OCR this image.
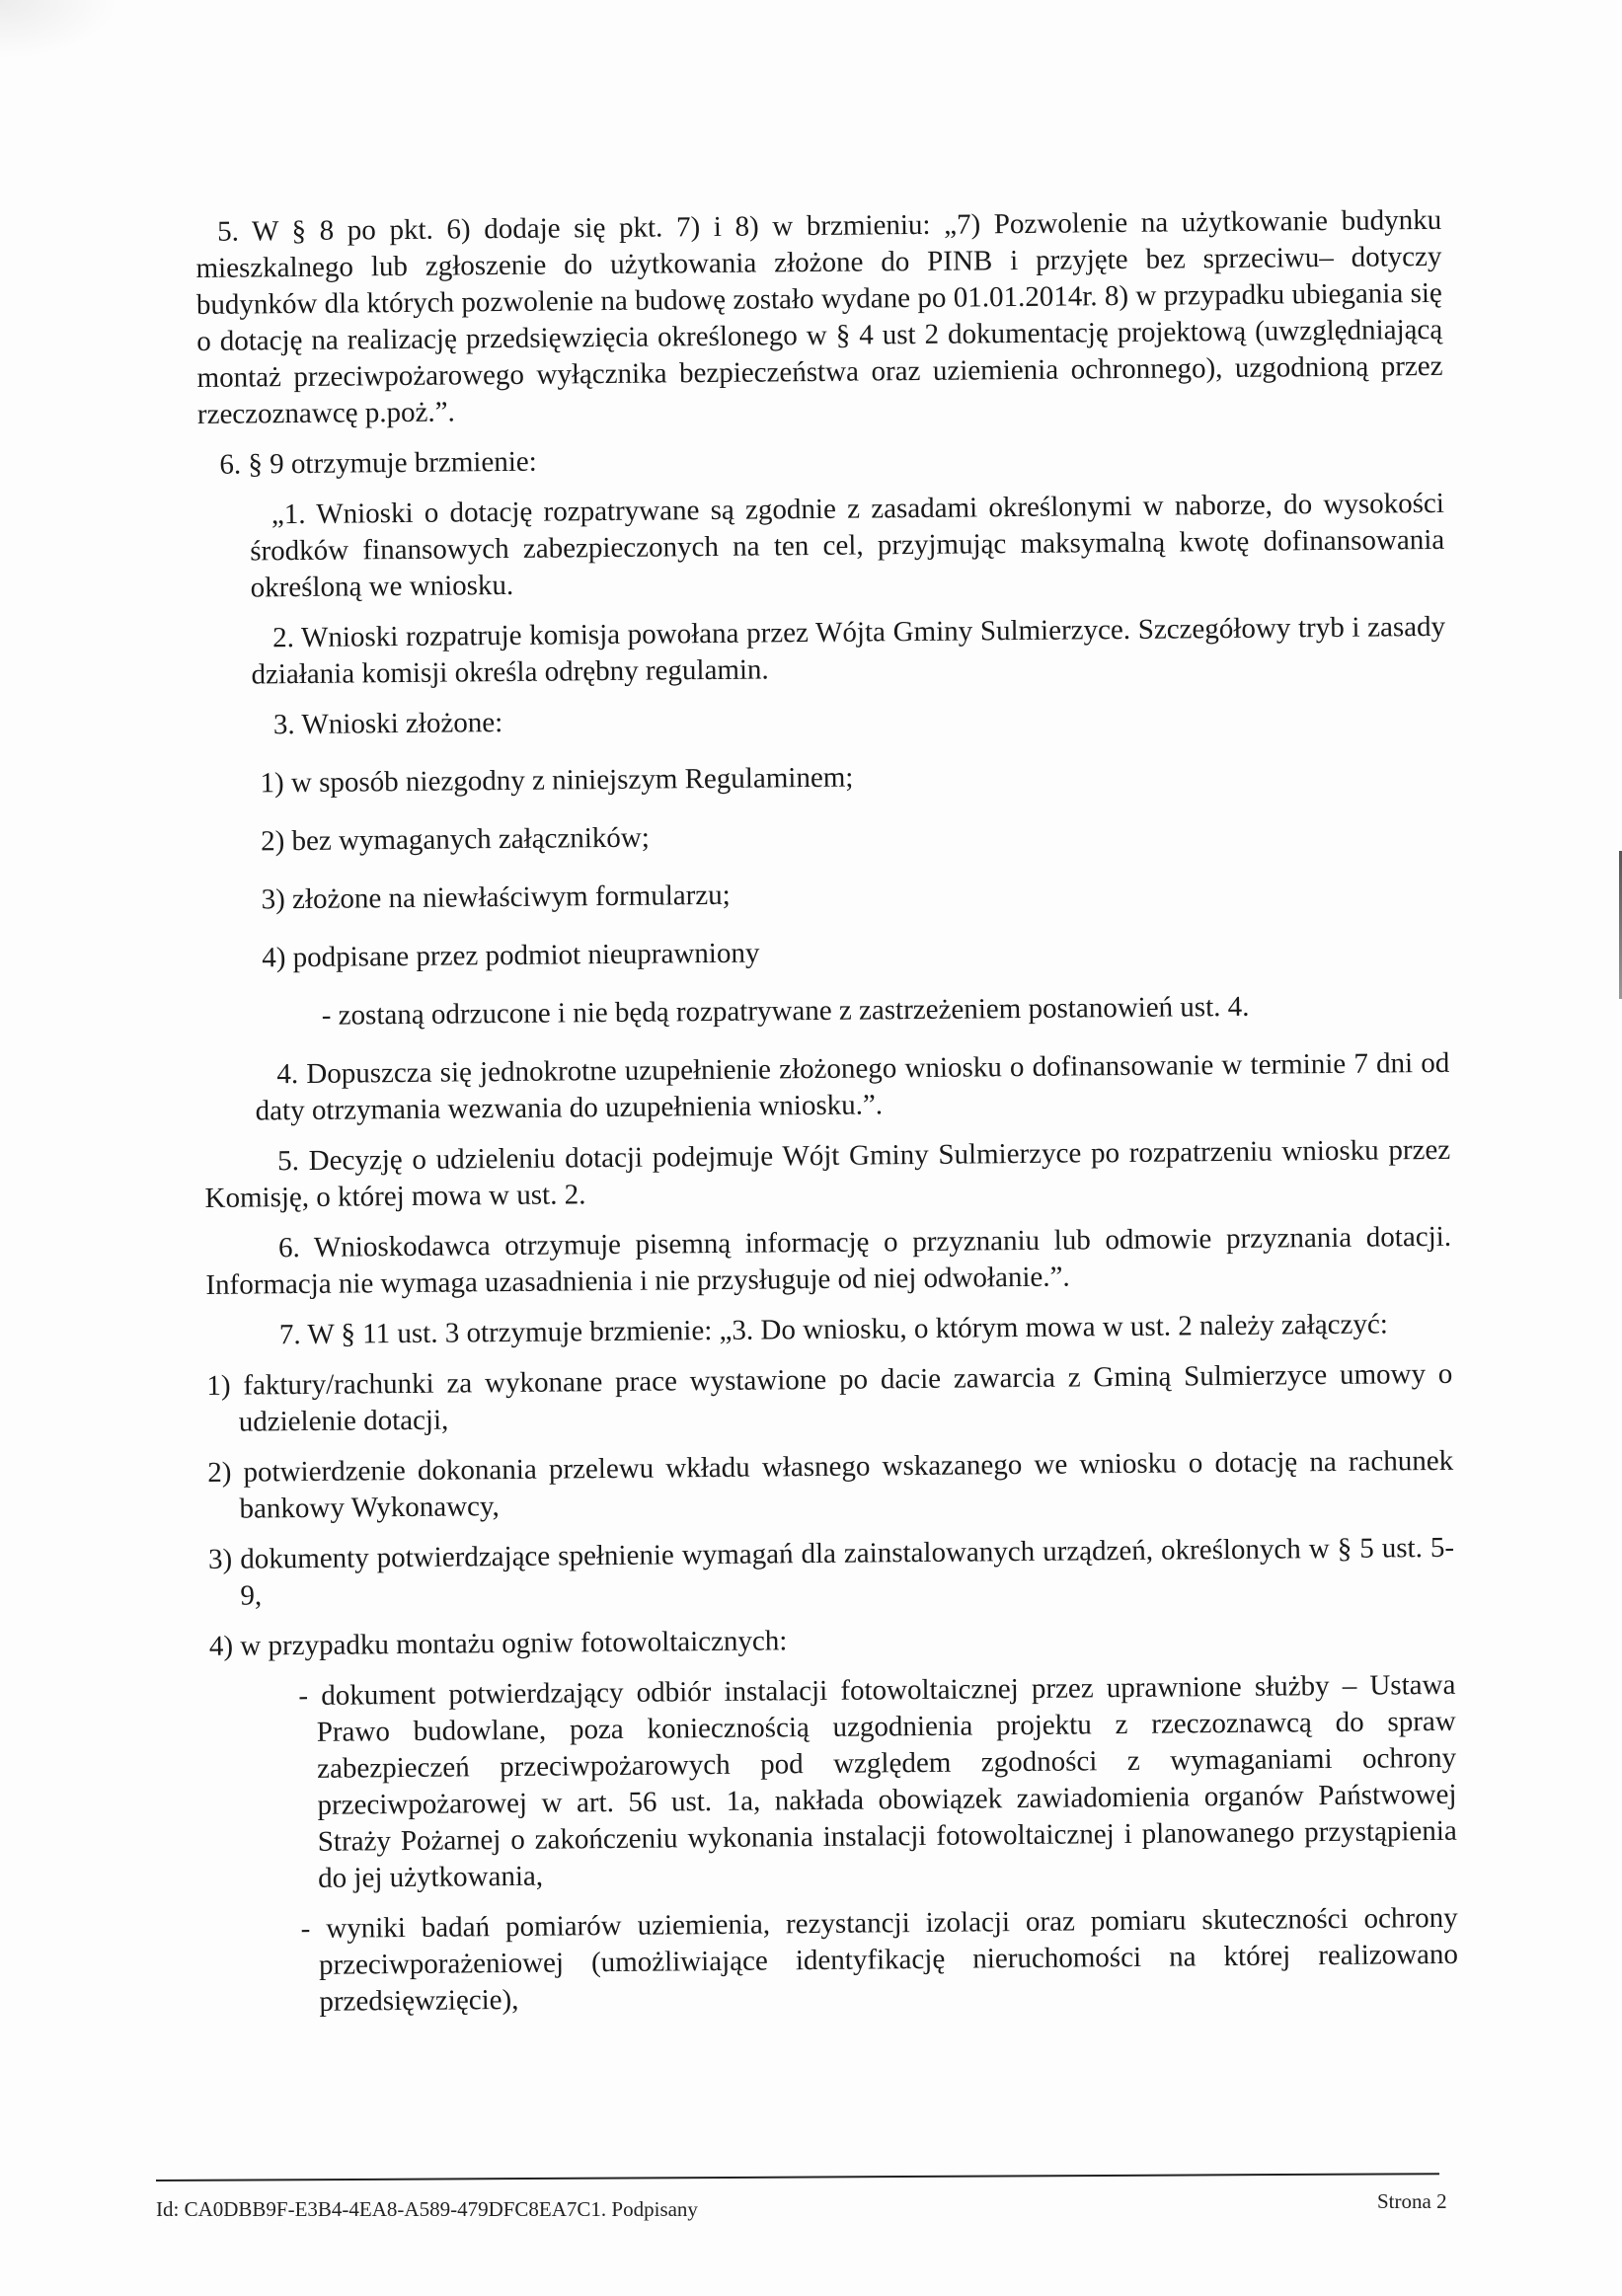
5. W § 8 po pkt. 6) dodaje się pkt. 7) i 8) w brzmieniu: „7) Pozwolenie na użytkowanie budynku mieszkalnego lub zgłoszenie do użytkowania złożone do PINB i przyjęte bez sprzeciwu– dotyczy budynków dla których pozwolenie na budowę zostało wydane po 01.01.2014r. 8) w przypadku ubiegania się o dotację na realizację przedsięwzięcia określonego w § 4 ust 2 dokumentację projektową (uwzględniającą montaż przeciwpożarowego wyłącznika bezpieczeństwa oraz uziemienia ochronnego), uzgodnioną przez rzeczoznawcę p.poż.”.

6. § 9 otrzymuje brzmienie:

„1. Wnioski o dotację rozpatrywane są zgodnie z zasadami określonymi w naborze, do wysokości środków finansowych zabezpieczonych na ten cel, przyjmując maksymalną kwotę dofinansowania określoną we wniosku.

2. Wnioski rozpatruje komisja powołana przez Wójta Gminy Sulmierzyce. Szczegółowy tryb i zasady działania komisji określa odrębny regulamin.

3. Wnioski złożone:

1) w sposób niezgodny z niniejszym Regulaminem;
2) bez wymaganych załączników;
3) złożone na niewłaściwym formularzu;
4) podpisane przez podmiot nieuprawniony
- zostaną odrzucone i nie będą rozpatrywane z zastrzeżeniem postanowień ust. 4.

4. Dopuszcza się jednokrotne uzupełnienie złożonego wniosku o dofinansowanie w terminie 7 dni od daty otrzymania wezwania do uzupełnienia wniosku.”.

5. Decyzję o udzieleniu dotacji podejmuje Wójt Gminy Sulmierzyce po rozpatrzeniu wniosku przez Komisję, o której mowa w ust. 2.

6. Wnioskodawca otrzymuje pisemną informację o przyznaniu lub odmowie przyznania dotacji. Informacja nie wymaga uzasadnienia i nie przysługuje od niej odwołanie.”.

7. W § 11 ust. 3 otrzymuje brzmienie: „3. Do wniosku, o którym mowa w ust. 2 należy załączyć:

1) faktury/rachunki za wykonane prace wystawione po dacie zawarcia z Gminą Sulmierzyce umowy o udzielenie dotacji,
2) potwierdzenie dokonania przelewu wkładu własnego wskazanego we wniosku o dotację na rachunek bankowy Wykonawcy,
3) dokumenty potwierdzające spełnienie wymagań dla zainstalowanych urządzeń, określonych w § 5 ust. 5-9,
4) w przypadku montażu ogniw fotowoltaicznych:
- dokument potwierdzający odbiór instalacji fotowoltaicznej przez uprawnione służby – Ustawa Prawo budowlane, poza koniecznością uzgodnienia projektu z rzeczoznawcą do spraw zabezpieczeń przeciwpożarowych pod względem zgodności z wymaganiami ochrony przeciwpożarowej w art. 56 ust. 1a, nakłada obowiązek zawiadomienia organów Państwowej Straży Pożarnej o zakończeniu wykonania instalacji fotowoltaicznej i planowanego przystąpienia do jej użytkowania,
- wyniki badań pomiarów uziemienia, rezystancji izolacji oraz pomiaru skuteczności ochrony przeciwporażeniowej (umożliwiające identyfikację nieruchomości na której realizowano przedsięwzięcie),
Id: CA0DBB9F-E3B4-4EA8-A589-479DFC8EA7C1. Podpisany	Strona 2
